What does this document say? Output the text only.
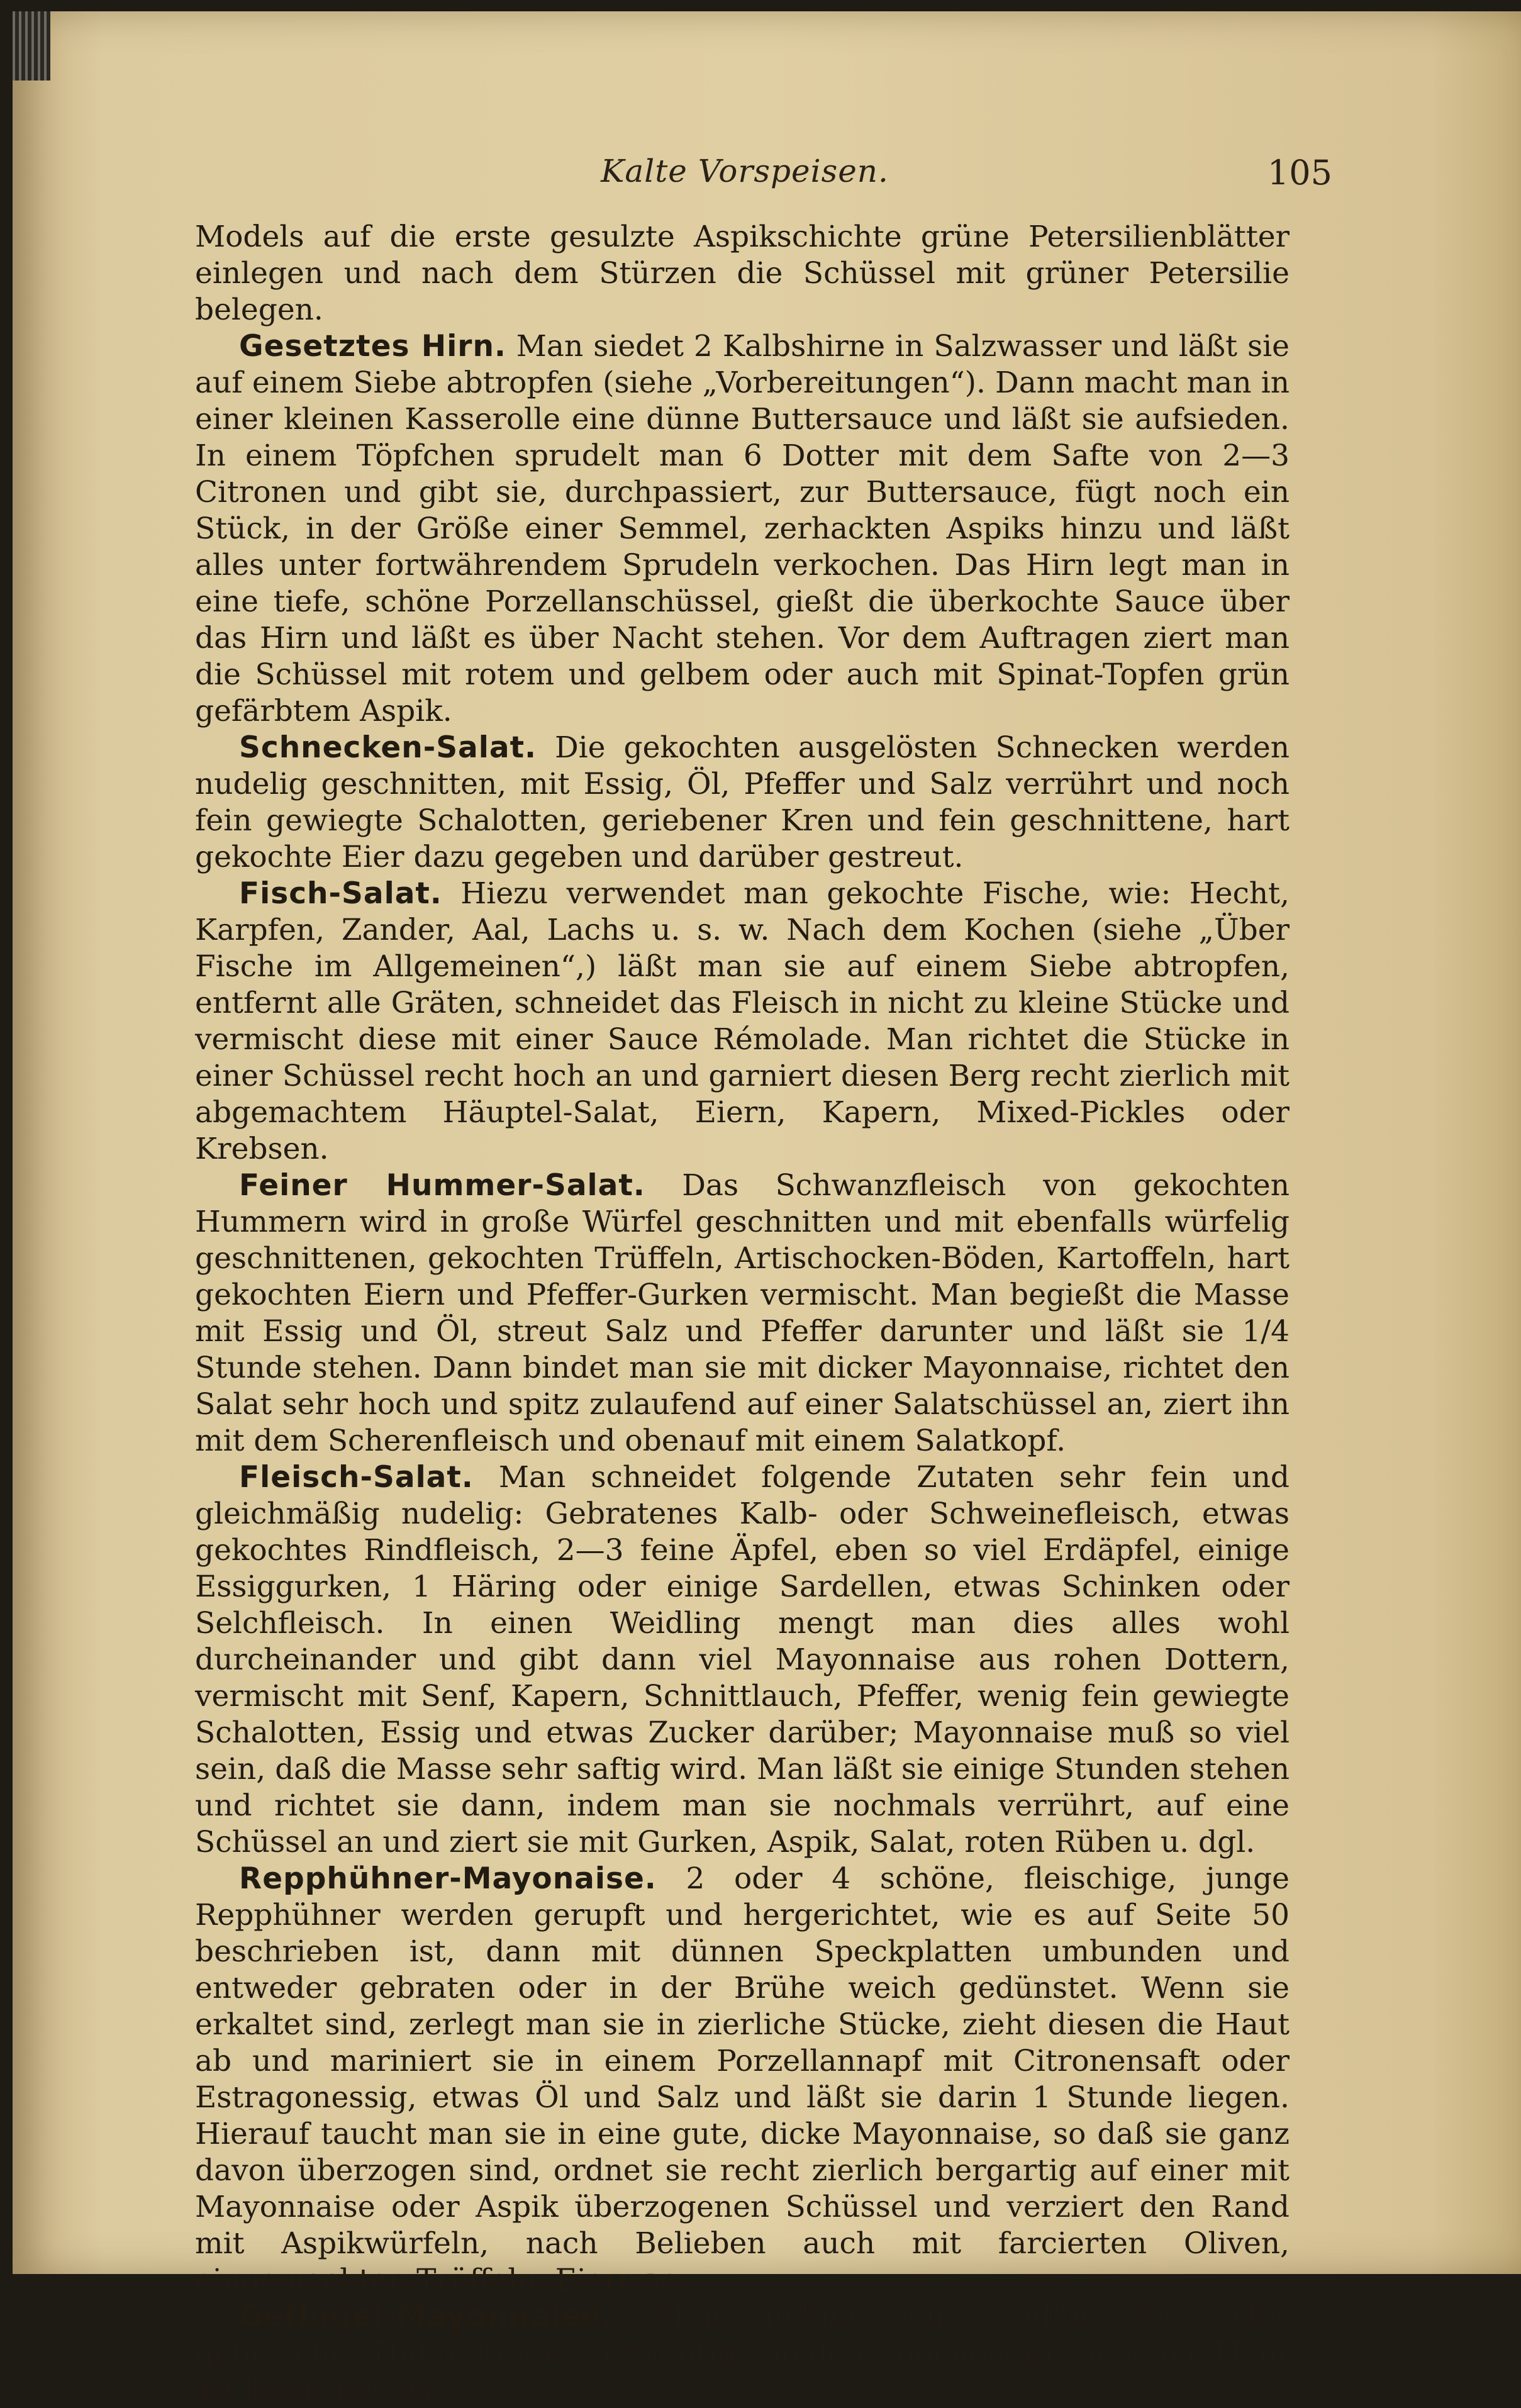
Kalte Vorspeisen.	105

Models auf die erste gesulzte Aspikschichte grüne Petersilienblätter einlegen und nach dem Stürzen die Schüssel mit grüner Petersilie belegen.

Gesetztes Hirn. Man siedet 2 Kalbshirne in Salzwasser und läßt sie auf einem Siebe abtropfen (siehe „Vorbereitungen“). Dann macht man in einer kleinen Kasserolle eine dünne Buttersauce und läßt sie aufsieden. In einem Töpfchen sprudelt man 6 Dotter mit dem Safte von 2—3 Citronen und gibt sie, durchpassiert, zur Buttersauce, fügt noch ein Stück, in der Größe einer Semmel, zerhackten Aspiks hinzu und läßt alles unter fortwährendem Sprudeln verkochen. Das Hirn legt man in eine tiefe, schöne Porzellanschüssel, gießt die überkochte Sauce über das Hirn und läßt es über Nacht stehen. Vor dem Auftragen ziert man die Schüssel mit rotem und gelbem oder auch mit Spinat-Topfen grün gefärbtem Aspik.

Schnecken-Salat. Die gekochten ausgelösten Schnecken werden nudelig geschnitten, mit Essig, Öl, Pfeffer und Salz verrührt und noch fein gewiegte Schalotten, geriebener Kren und fein geschnittene, hart gekochte Eier dazu gegeben und darüber gestreut.

Fisch-Salat. Hiezu verwendet man gekochte Fische, wie: Hecht, Karpfen, Zander, Aal, Lachs u. s. w. Nach dem Kochen (siehe „Über Fische im Allgemeinen“,) läßt man sie auf einem Siebe abtropfen, entfernt alle Gräten, schneidet das Fleisch in nicht zu kleine Stücke und vermischt diese mit einer Sauce Rémolade. Man richtet die Stücke in einer Schüssel recht hoch an und garniert diesen Berg recht zierlich mit abgemachtem Häuptel-Salat, Eiern, Kapern, Mixed-Pickles oder Krebsen.

Feiner Hummer-Salat. Das Schwanzfleisch von gekochten Hummern wird in große Würfel geschnitten und mit ebenfalls würfelig geschnittenen, gekochten Trüffeln, Artischocken-Böden, Kartoffeln, hart gekochten Eiern und Pfeffer-Gurken vermischt. Man begießt die Masse mit Essig und Öl, streut Salz und Pfeffer darunter und läßt sie 1/4 Stunde stehen. Dann bindet man sie mit dicker Mayonnaise, richtet den Salat sehr hoch und spitz zulaufend auf einer Salatschüssel an, ziert ihn mit dem Scherenfleisch und obenauf mit einem Salatkopf.

Fleisch-Salat. Man schneidet folgende Zutaten sehr fein und gleichmäßig nudelig: Gebratenes Kalb- oder Schweinefleisch, etwas gekochtes Rindfleisch, 2—3 feine Äpfel, eben so viel Erdäpfel, einige Essiggurken, 1 Häring oder einige Sardellen, etwas Schinken oder Selchfleisch. In einen Weidling mengt man dies alles wohl durcheinander und gibt dann viel Mayonnaise aus rohen Dottern, vermischt mit Senf, Kapern, Schnittlauch, Pfeffer, wenig fein gewiegte Schalotten, Essig und etwas Zucker darüber; Mayonnaise muß so viel sein, daß die Masse sehr saftig wird. Man läßt sie einige Stunden stehen und richtet sie dann, indem man sie nochmals verrührt, auf eine Schüssel an und ziert sie mit Gurken, Aspik, Salat, roten Rüben u. dgl.

Repphühner-Mayonaise. 2 oder 4 schöne, fleischige, junge Repphühner werden gerupft und hergerichtet, wie es auf Seite 50 beschrieben ist, dann mit dünnen Speckplatten umbunden und entweder gebraten oder in der Brühe weich gedünstet. Wenn sie erkaltet sind, zerlegt man sie in zierliche Stücke, zieht diesen die Haut ab und mariniert sie in einem Porzellannapf mit Citronensaft oder Estragonessig, etwas Öl und Salz und läßt sie darin 1 Stunde liegen. Hierauf taucht man sie in eine gute, dicke Mayonnaise, so daß sie ganz davon überzogen sind, ordnet sie recht zierlich bergartig auf einer mit Mayonnaise oder Aspik überzogenen Schüssel und verziert den Rand mit Aspikwürfeln, nach Belieben auch mit farcierten Oliven, eingemachten Trüffeln, Eiern ꝛc.

Geflügel-Mayonnaise. Man nehme ein gedünstetes oder gebratenes Huhn, löse es vorsichtig von den Knochen ab, ziehe die Haut ab, bespritze es
